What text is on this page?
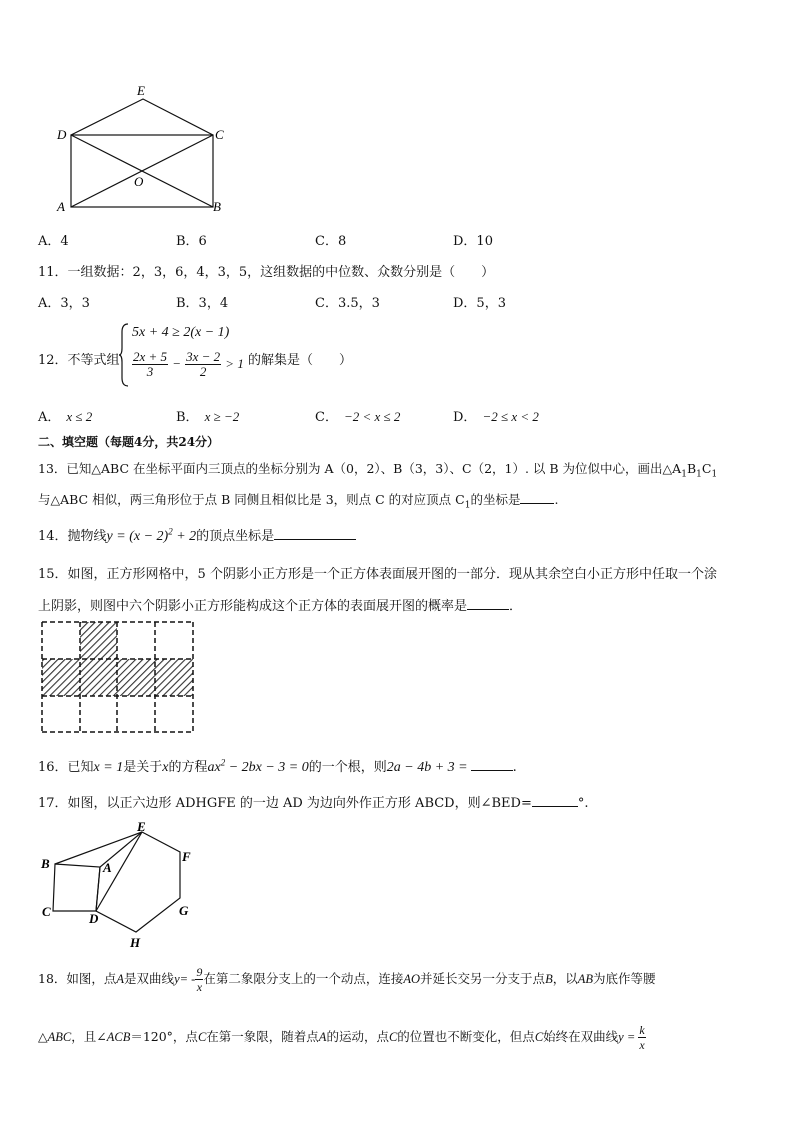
E
D	C
O
A	B
A．4	B．6	C．8	D．10
11．一组数据：2，3，6，4，3，5，这组数据的中位数、众数分别是（　　）
A．3，3	B．3，4	C．3.5，3	D．5，3
12．不等式组
5x + 4 ≥ 2(x − 1)
$\frac{2x + 5}{3} - \frac{3x - 2}{2} > 1$ 的解集是（　　）
A． x ≤ 2	B． x ≥ −2	C． −2 < x ≤ 2	D． −2 ≤ x < 2
二、填空题（每题4分，共24分）
13．已知△ABC 在坐标平面内三顶点的坐标分别为 A（0，2）、B（3，3）、C（2，1）. 以 B 为位似中心，画出$\triangle A_1B_1C_1$
与△ABC 相似，两三角形位于点 B 同侧且相似比是 3，则点 C 的对应顶点 $C_1$的坐标是	.
14．抛物线$y = (x - 2)^2 + 2$的顶点坐标是
15．如图，正方形网格中，5 个阴影小正方形是一个正方体表面展开图的一部分．现从其余空白小正方形中任取一个涂
上阴影，则图中六个阴影小正方形能构成这个正方体的表面展开图的概率是	．
16．已知x = 1是关于x的方程$ax^2 - 2bx - 3 = 0$的一个根，则2a − 4b + 3 =	.
17．如图，以正六边形 ADHGFE 的一边 AD 为边向外作正方形 ABCD，则∠BED=	°.
E
F
B	A
C	D
G
H
18．如图，点A是双曲线$y= - \frac{9}{x}$ 在第二象限分支上的一个动点，连接AO并延长交另一分支于点B，以AB为底作等腰
△ABC，且∠ACB＝120°，点C在第一象限，随着点A的运动，点C的位置也不断变化，但点C始终在双曲线$y = \frac{k}{x}$
